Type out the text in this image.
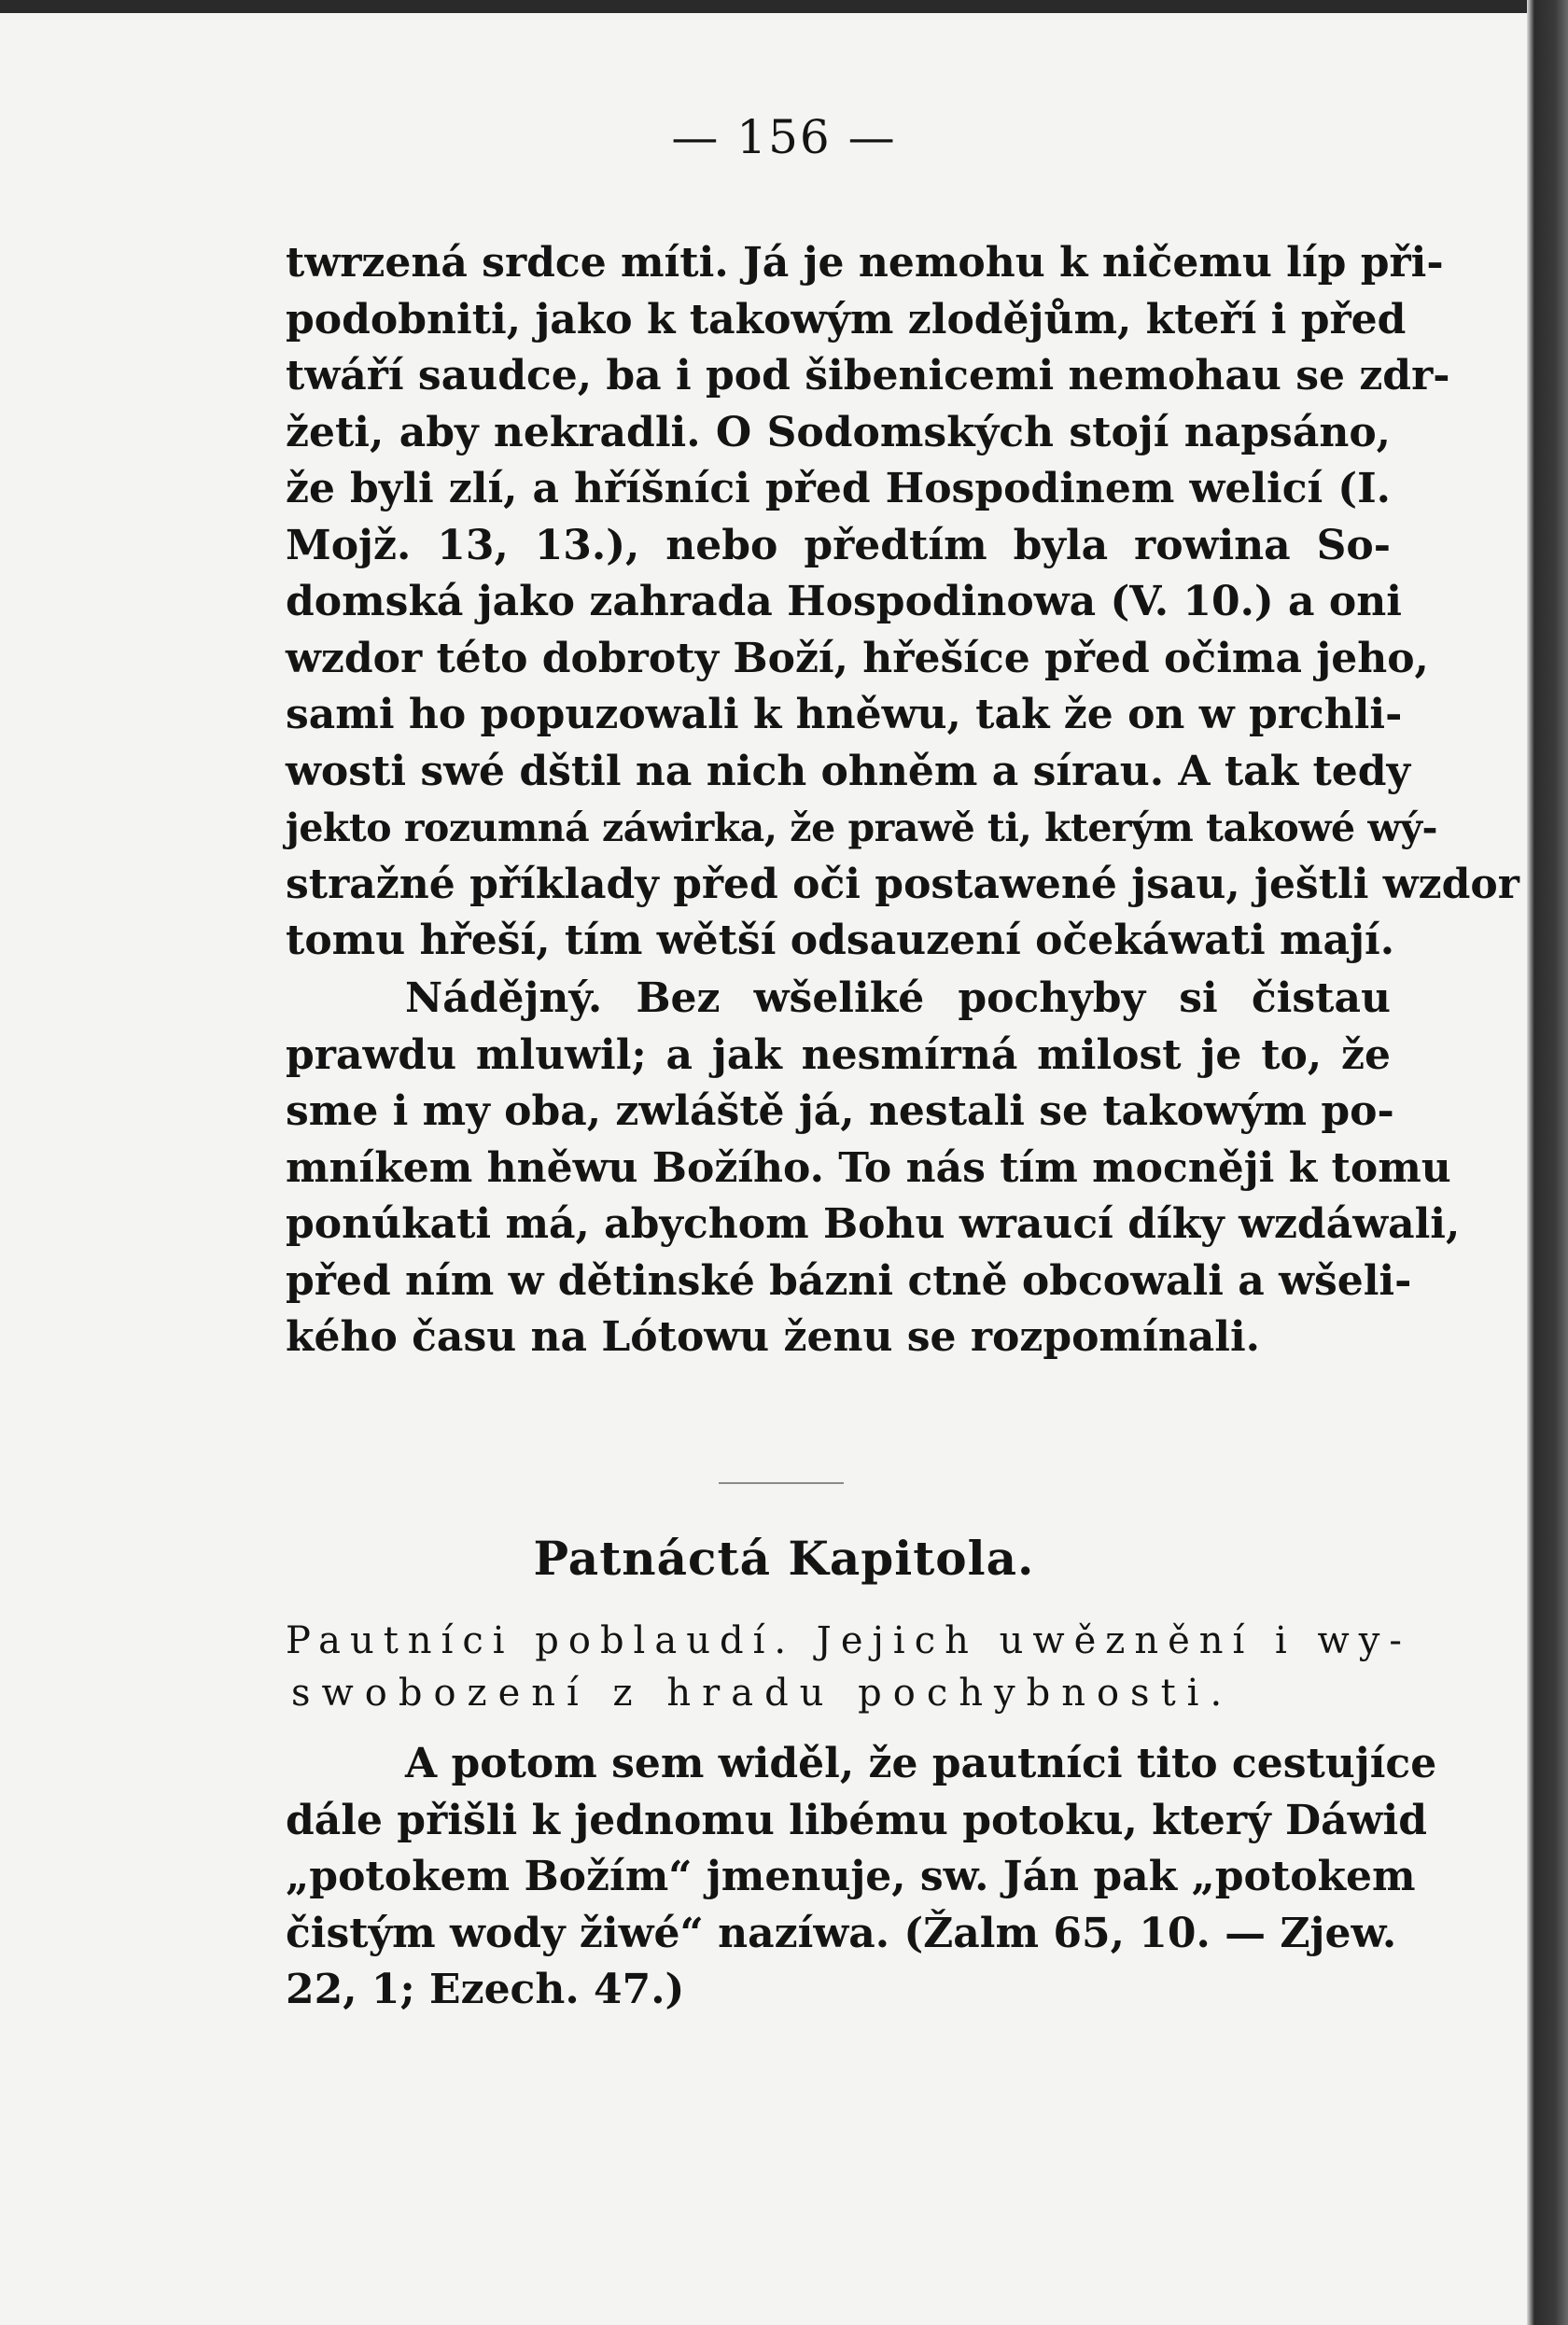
— 156 —
twrzená srdce míti. Já je nemohu k ničemu líp při-
podobniti, jako k takowým zlodějům, kteří i před
twáří saudce, ba i pod šibenicemi nemohau se zdr-
žeti, aby nekradli. O Sodomských stojí napsáno,
že byli zlí, a hříšníci před Hospodinem welicí (I.
Mojž. 13, 13.), nebo předtím byla rowina So-
domská jako zahrada Hospodinowa (V. 10.) a oni
wzdor této dobroty Boží, hřešíce před očima jeho,
sami ho popuzowali k hněwu, tak že on w prchli-
wosti swé dštil na nich ohněm a sírau. A tak tedy
jekto rozumná záwirka, že prawě ti, kterým takowé wý-
stražné příklady před oči postawené jsau, ještli wzdor
tomu hřeší, tím wětší odsauzení očekáwati mají.
Nádějný. Bez wšeliké pochyby si čistau
prawdu mluwil; a jak nesmírná milost je to, že
sme i my oba, zwláště já, nestali se takowým po-
mníkem hněwu Božího. To nás tím mocněji k tomu
ponúkati má, abychom Bohu wraucí díky wzdáwali,
před ním w dětinské bázni ctně obcowali a wšeli-
kého času na Lótowu ženu se rozpomínali.
Patnáctá Kapitola.
Pautníci poblaudí. Jejich uwěznění i wy-
swobození z hradu pochybnosti.
A potom sem widěl, že pautníci tito cestujíce
dále přišli k jednomu libému potoku, který Dáwid
„potokem Božím“ jmenuje, sw. Ján pak „potokem
čistým wody žiwé“ nazíwa. (Žalm 65, 10. — Zjew.
22, 1; Ezech. 47.)
